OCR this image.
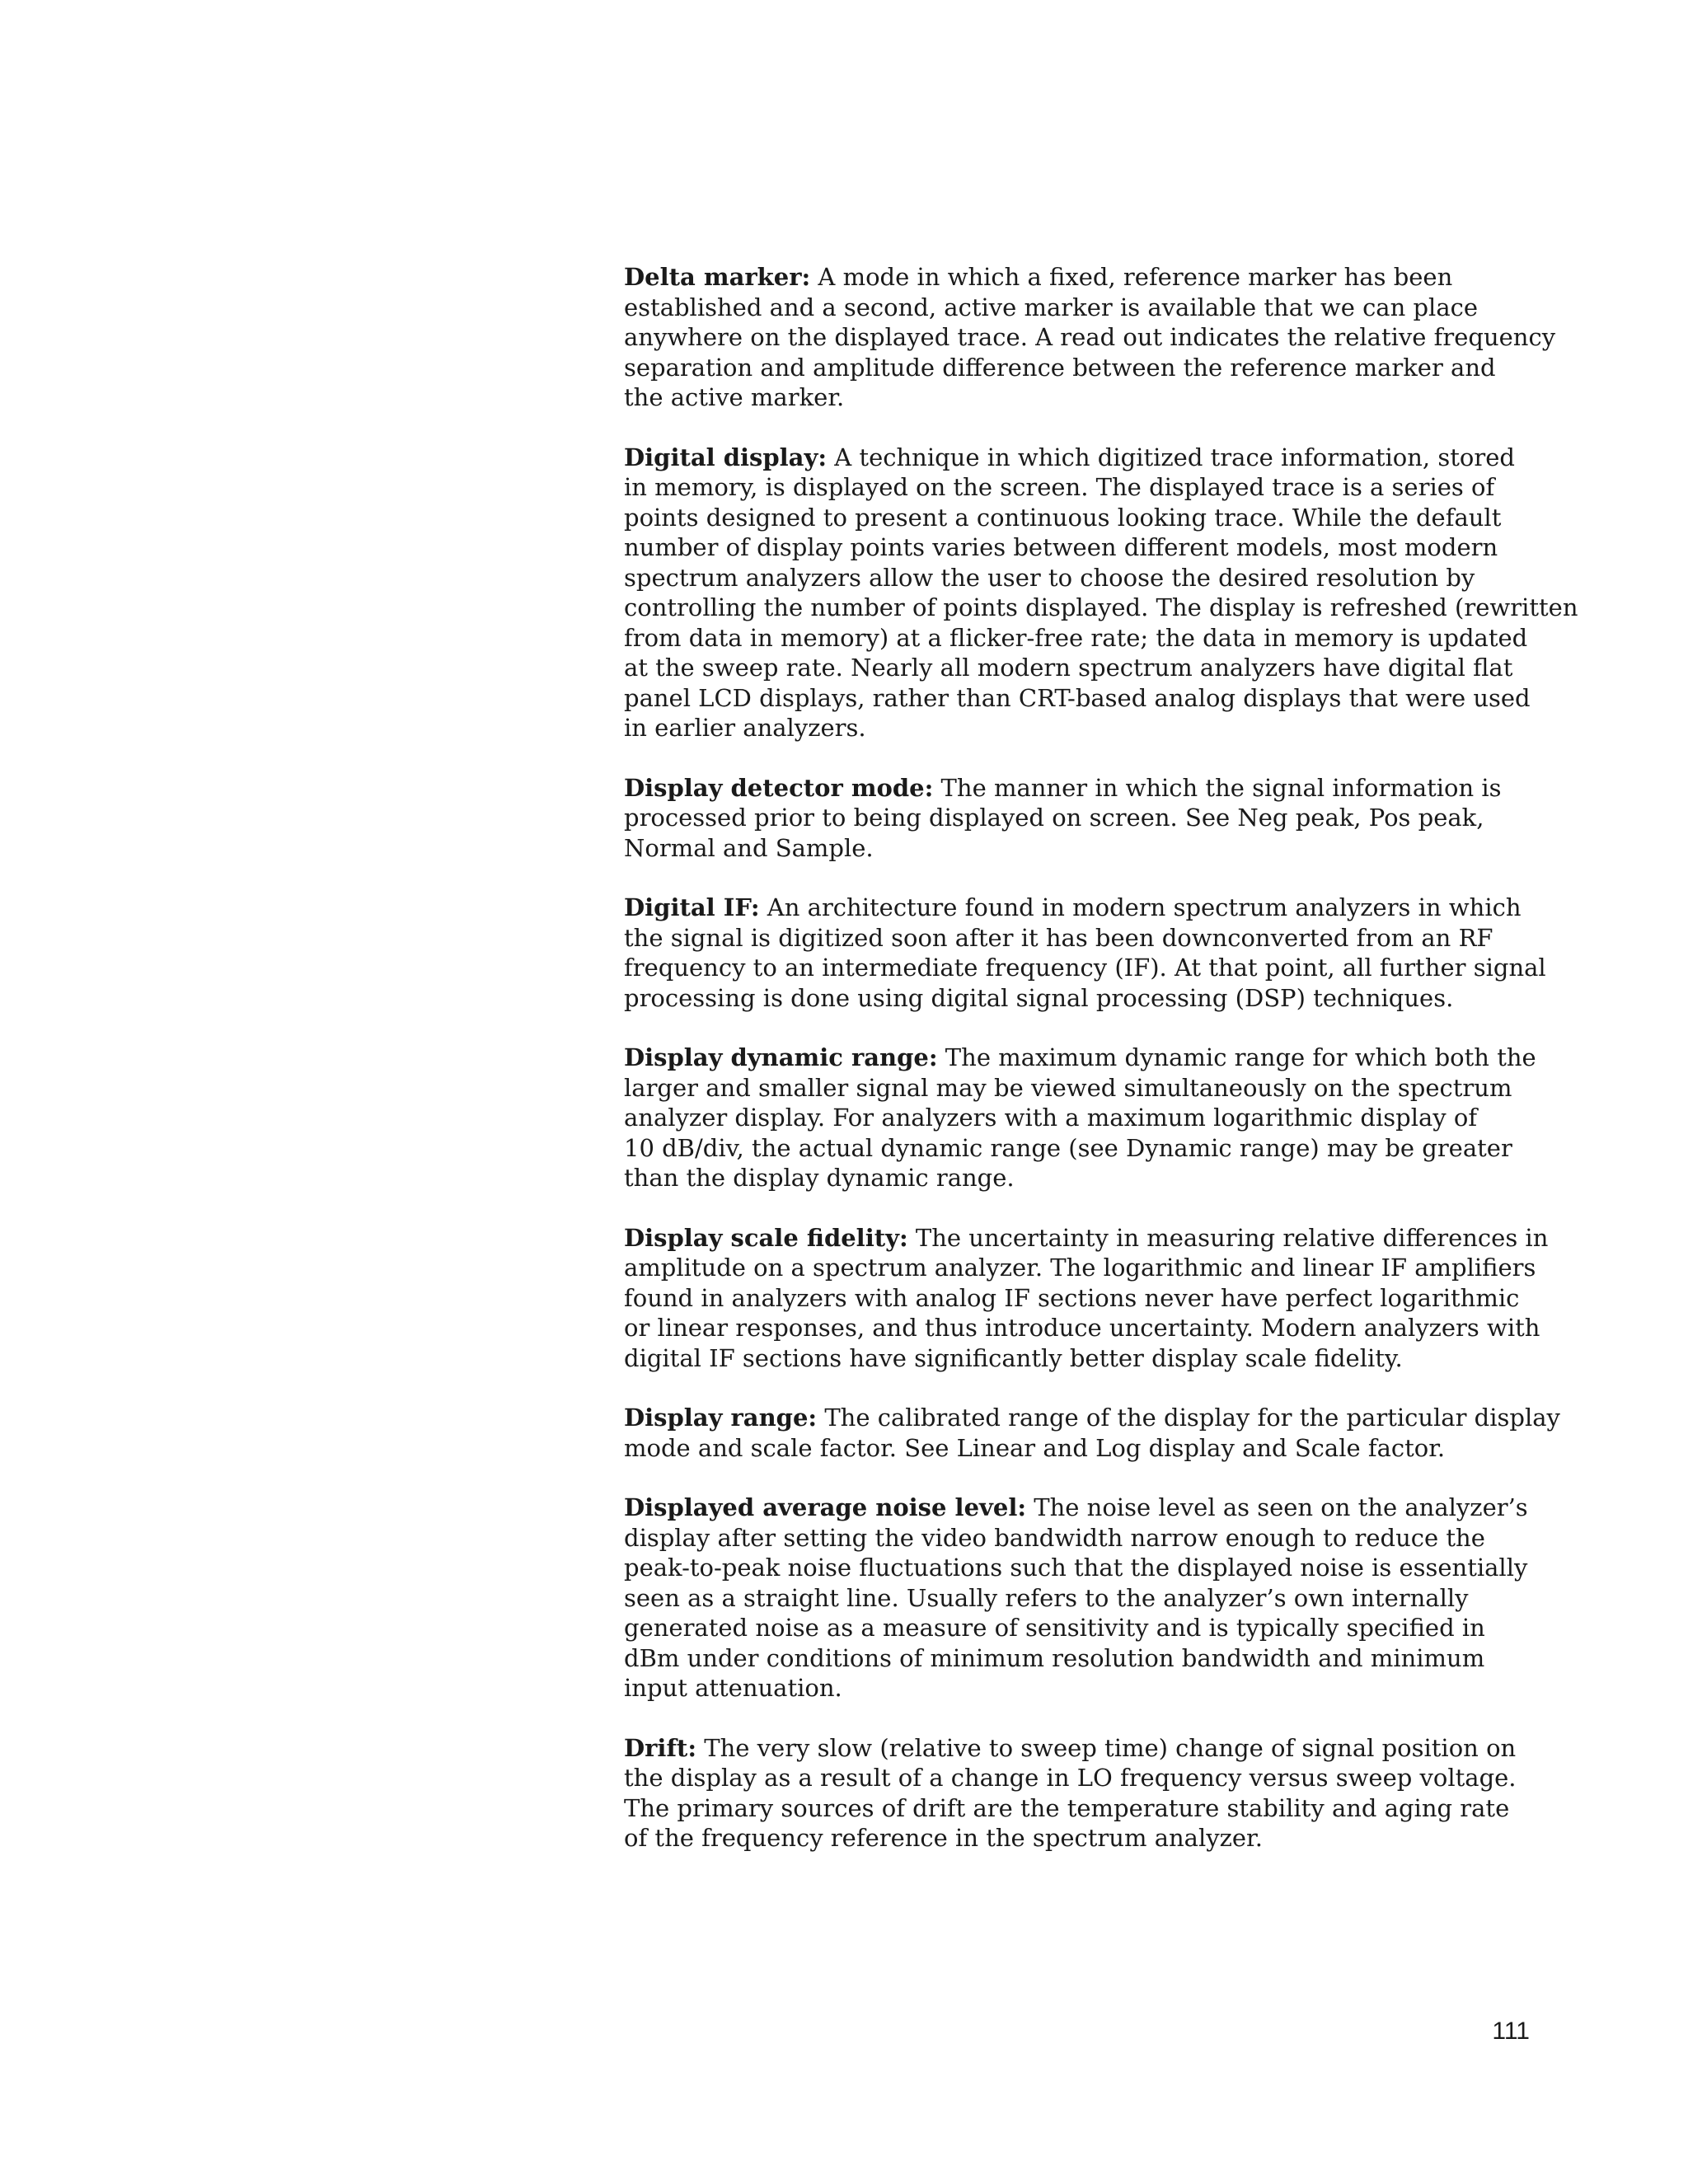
Delta marker: A mode in which a fixed, reference marker has been
established and a second, active marker is available that we can place
anywhere on the displayed trace. A read out indicates the relative frequency
separation and amplitude difference between the reference marker and
the active marker.
Digital display: A technique in which digitized trace information, stored
in memory, is displayed on the screen. The displayed trace is a series of
points designed to present a continuous looking trace. While the default
number of display points varies between different models, most modern
spectrum analyzers allow the user to choose the desired resolution by
controlling the number of points displayed. The display is refreshed (rewritten
from data in memory) at a flicker-free rate; the data in memory is updated
at the sweep rate. Nearly all modern spectrum analyzers have digital flat
panel LCD displays, rather than CRT-based analog displays that were used
in earlier analyzers.
Display detector mode: The manner in which the signal information is
processed prior to being displayed on screen. See Neg peak, Pos peak,
Normal and Sample.
Digital IF: An architecture found in modern spectrum analyzers in which
the signal is digitized soon after it has been downconverted from an RF
frequency to an intermediate frequency (IF). At that point, all further signal
processing is done using digital signal processing (DSP) techniques.
Display dynamic range: The maximum dynamic range for which both the
larger and smaller signal may be viewed simultaneously on the spectrum
analyzer display. For analyzers with a maximum logarithmic display of
10 dB/div, the actual dynamic range (see Dynamic range) may be greater
than the display dynamic range.
Display scale fidelity: The uncertainty in measuring relative differences in
amplitude on a spectrum analyzer. The logarithmic and linear IF amplifiers
found in analyzers with analog IF sections never have perfect logarithmic
or linear responses, and thus introduce uncertainty. Modern analyzers with
digital IF sections have significantly better display scale fidelity.
Display range: The calibrated range of the display for the particular display
mode and scale factor. See Linear and Log display and Scale factor.
Displayed average noise level: The noise level as seen on the analyzer’s
display after setting the video bandwidth narrow enough to reduce the
peak-to-peak noise fluctuations such that the displayed noise is essentially
seen as a straight line. Usually refers to the analyzer’s own internally
generated noise as a measure of sensitivity and is typically specified in
dBm under conditions of minimum resolution bandwidth and minimum
input attenuation.
Drift: The very slow (relative to sweep time) change of signal position on
the display as a result of a change in LO frequency versus sweep voltage.
The primary sources of drift are the temperature stability and aging rate
of the frequency reference in the spectrum analyzer.
111
